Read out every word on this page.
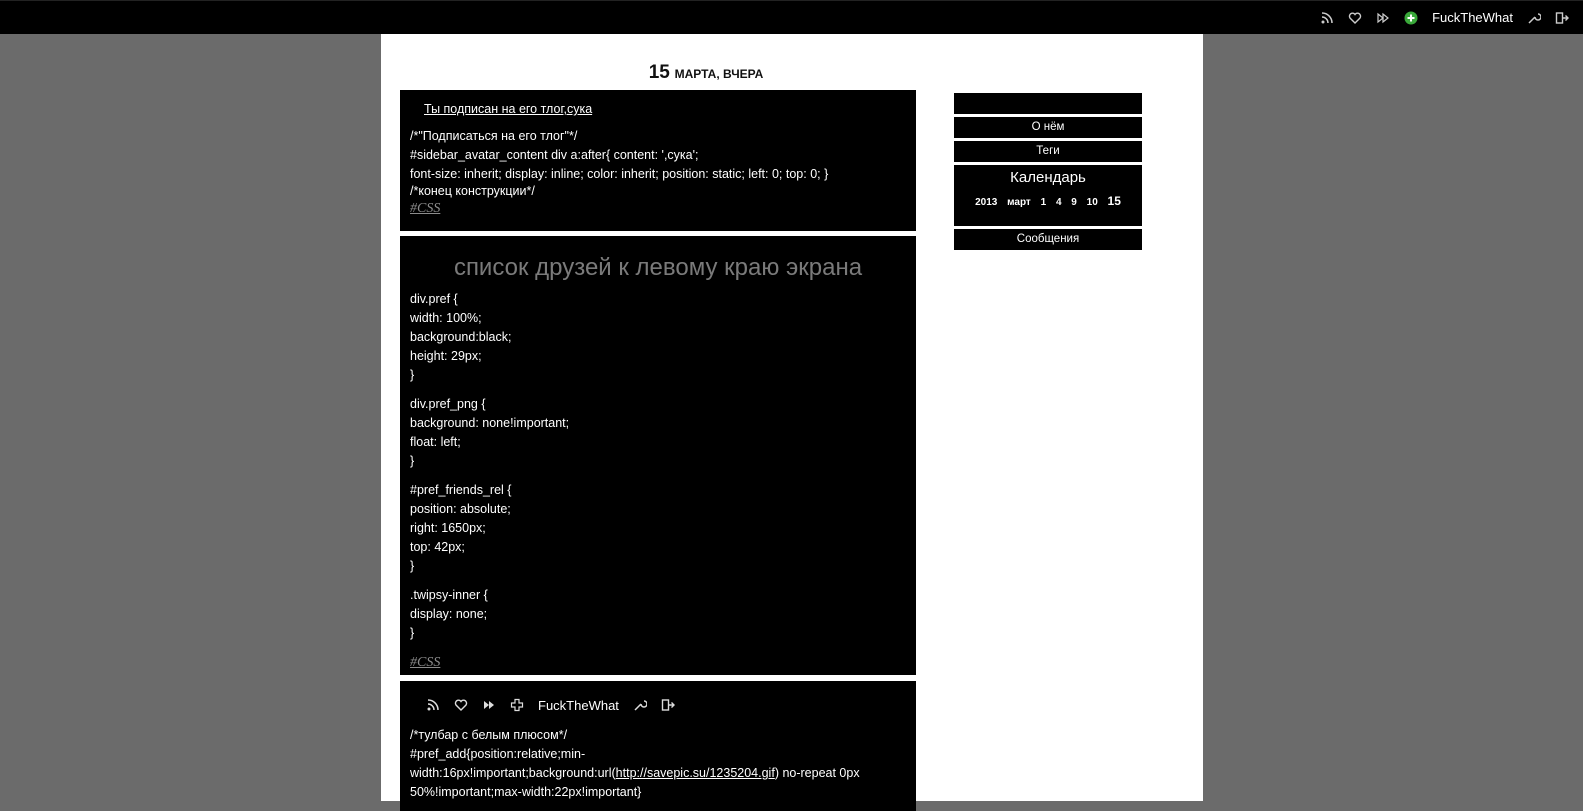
FuckTheWhat
15 МАРТА, ВЧЕРА
Ты подписан на его тлог,сука
/*"Подписаться на его тлог"*/
#sidebar_avatar_content div a:after{ content: ',сука';
font-size: inherit; display: inline; color: inherit; position: static; left: 0; top: 0; }
/*конец конструкции*/
#CSS
список друзей к левому краю экрана
div.pref {
width: 100%;
background:black;
height: 29px;
}
div.pref_png {
background: none!important;
float: left;
}
#pref_friends_rel {
position: absolute;
right: 1650px;
top: 42px;
}
.twipsy-inner {
display: none;
}
#CSS
FuckTheWhat
/*тулбар с белым плюсом*/
#pref_add{position:relative;min-
width:16px!important;background:url(http://savepic.su/1235204.gif) no-repeat 0px
50%!important;max-width:22px!important}
О нём
Теги
Календарь
2013 март 1 4 9 10 15
Сообщения
